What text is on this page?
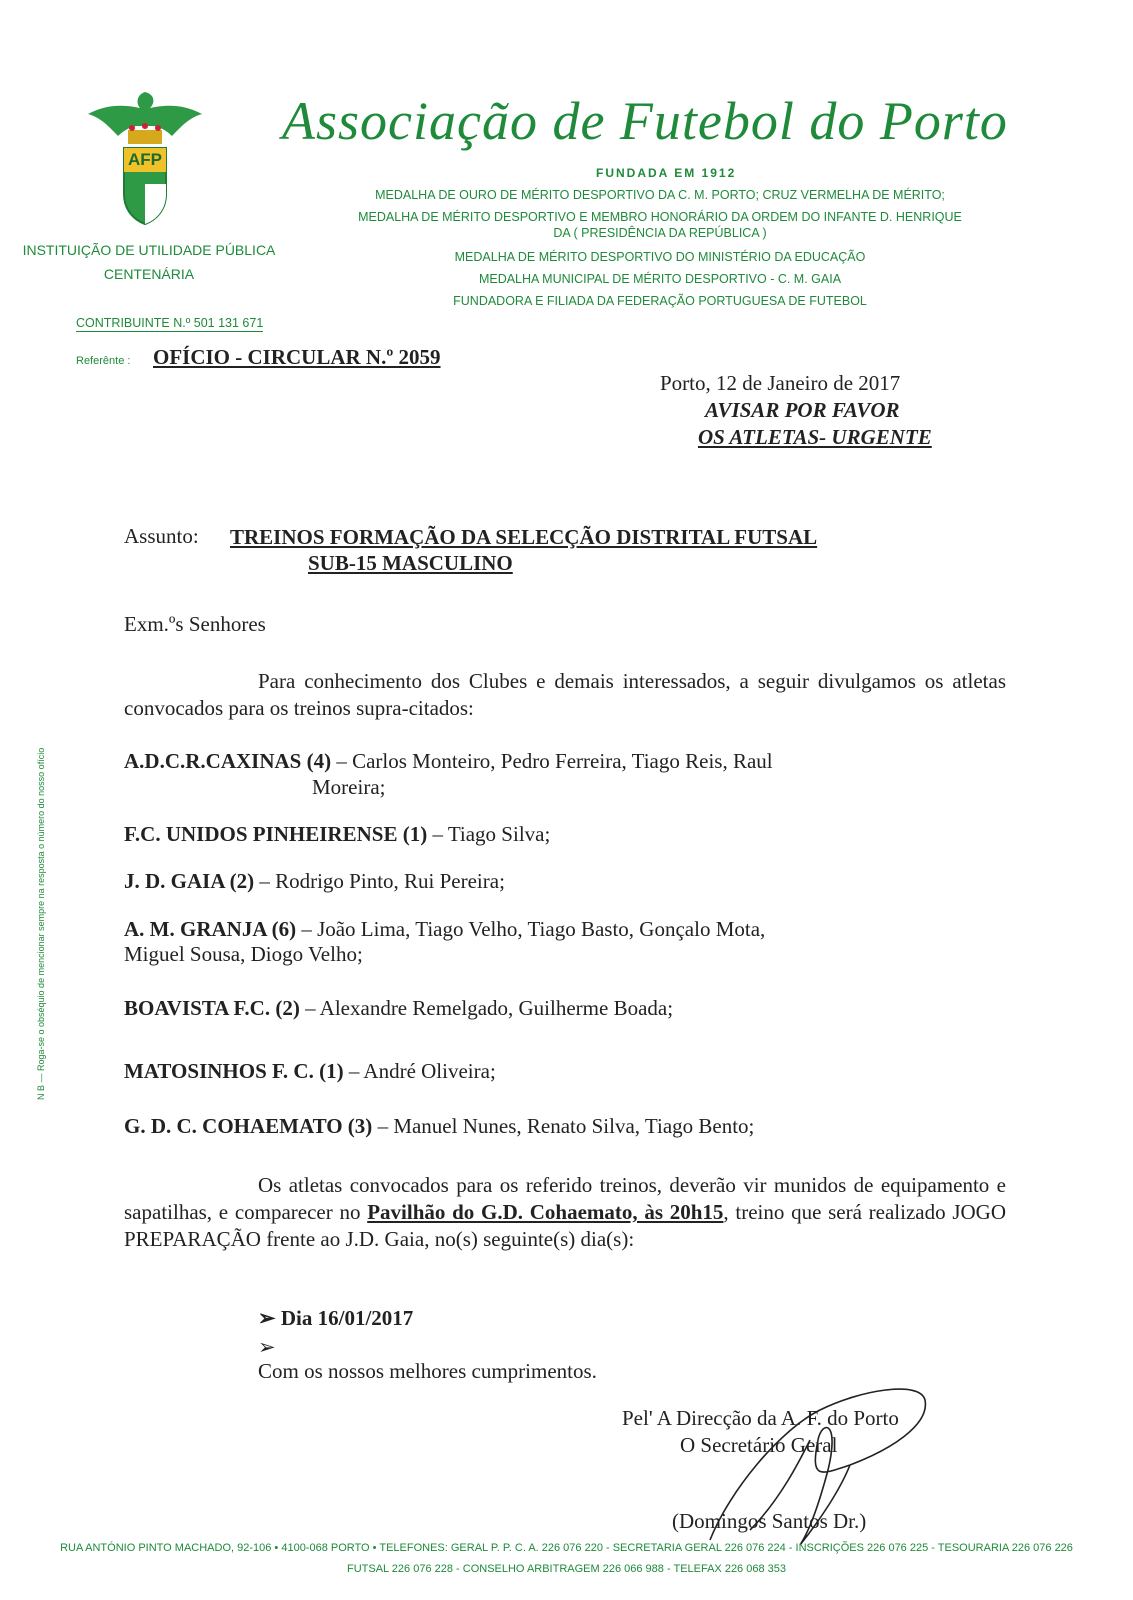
AFP
Associação de Futebol do Porto
FUNDADA EM 1912
MEDALHA DE OURO DE MÉRITO DESPORTIVO DA C. M. PORTO; CRUZ VERMELHA DE MÉRITO;
MEDALHA DE MÉRITO DESPORTIVO E MEMBRO HONORÁRIO DA ORDEM DO INFANTE D. HENRIQUE
DA ( PRESIDÊNCIA DA REPÚBLICA )
MEDALHA DE MÉRITO DESPORTIVO DO MINISTÉRIO DA EDUCAÇÃO
MEDALHA MUNICIPAL DE MÉRITO DESPORTIVO - C. M. GAIA
FUNDADORA E FILIADA DA FEDERAÇÃO PORTUGUESA DE FUTEBOL
INSTITUIÇÃO DE UTILIDADE PÚBLICA
CENTENÁRIA
CONTRIBUINTE N.º 501 131 671
Referênte : OFÍCIO - CIRCULAR N.º 2059
Porto, 12 de Janeiro de 2017
AVISAR POR FAVOR
OS ATLETAS- URGENTE
Assunto: TREINOS FORMAÇÃO DA SELECÇÃO DISTRITAL FUTSAL
SUB-15 MASCULINO
Exm.ºs Senhores
Para conhecimento dos Clubes e demais interessados, a seguir divulgamos os atletas convocados para os treinos supra-citados:
A.D.C.R.CAXINAS (4) – Carlos Monteiro, Pedro Ferreira, Tiago Reis, Raul
Moreira;
F.C. UNIDOS PINHEIRENSE (1) – Tiago Silva;
J. D. GAIA (2) – Rodrigo Pinto, Rui Pereira;
A. M. GRANJA (6) – João Lima, Tiago Velho, Tiago Basto, Gonçalo Mota,
Miguel Sousa, Diogo Velho;
BOAVISTA F.C. (2) – Alexandre Remelgado, Guilherme Boada;
MATOSINHOS F. C. (1) – André Oliveira;
G. D. C. COHAEMATO (3) – Manuel Nunes, Renato Silva, Tiago Bento;
Os atletas convocados para os referido treinos, deverão vir munidos de equipamento e sapatilhas, e comparecer no Pavilhão do G.D. Cohaemato, às 20h15, treino que será realizado JOGO PREPARAÇÃO frente ao J.D. Gaia, no(s) seguinte(s) dia(s):
➢ Dia 16/01/2017
➢
Com os nossos melhores cumprimentos.
Pel' A Direcção da A. F. do Porto
O Secretário Geral
(Domingos Santos Dr.)
N B — Roga-se o obséquio de mencionar sempre na resposta o número do nosso ofício
RUA ANTÓNIO PINTO MACHADO, 92-106 • 4100-068 PORTO • TELEFONES: GERAL P. P. C. A. 226 076 220 - SECRETARIA GERAL 226 076 224 - INSCRIÇÕES 226 076 225 - TESOURARIA 226 076 226
FUTSAL 226 076 228 - CONSELHO ARBITRAGEM 226 066 988 - TELEFAX 226 068 353
